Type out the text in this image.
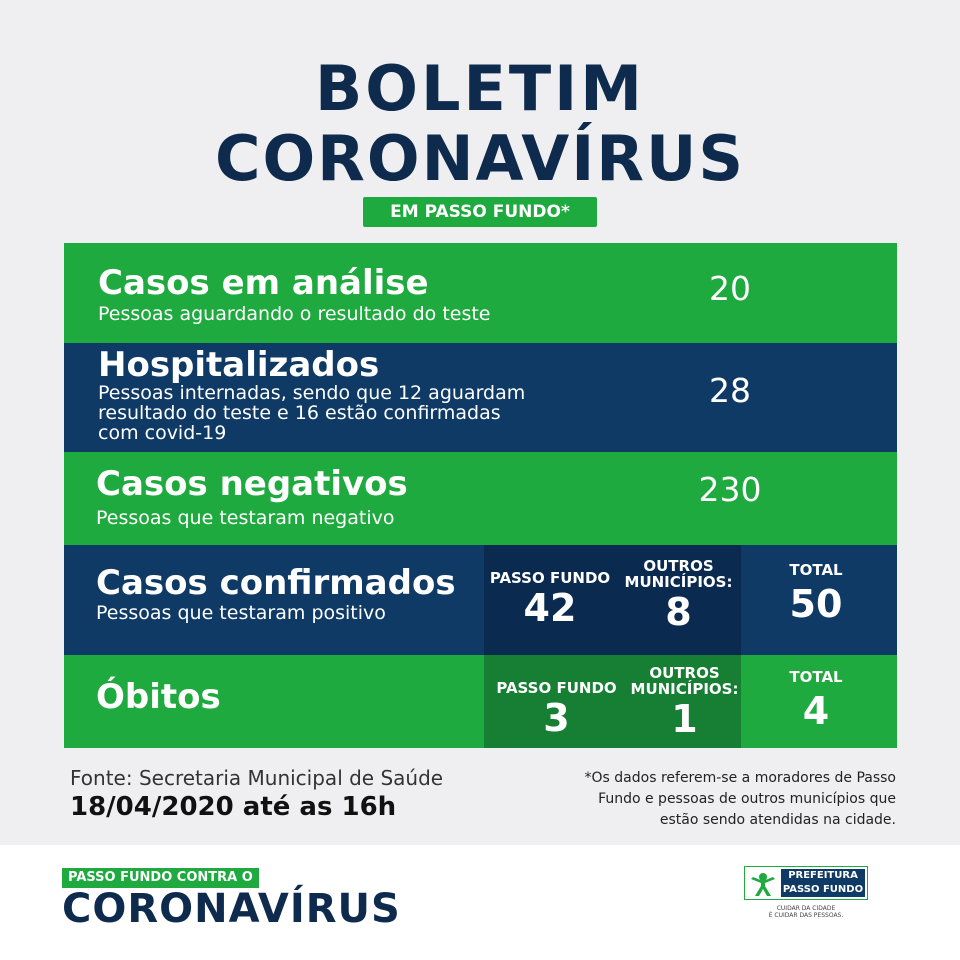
BOLETIM
CORONAVÍRUS
EM PASSO FUNDO*
Casos em análise
Pessoas aguardando o resultado do teste
20
Hospitalizados
Pessoas internadas, sendo que 12 aguardam
resultado do teste e 16 estão confirmadas
com covid-19
28
Casos negativos
Pessoas que testaram negativo
230
Casos confirmados
Pessoas que testaram positivo
PASSO FUNDO
42
OUTROS
MUNICÍPIOS:
8
TOTAL
50
Óbitos	PASSO FUNDO
3
OUTROS
MUNICÍPIOS:
1
TOTAL
4
Fonte: Secretaria Municipal de Saúde
18/04/2020 até as 16h
*Os dados referem-se a moradores de Passo
Fundo e pessoas de outros municípios que
estão sendo atendidas na cidade.
PASSO FUNDO CONTRA O
CORONAVÍRUS
PREFEITURA
PASSO FUNDO
CUIDAR DA CIDADE
É CUIDAR DAS PESSOAS.
